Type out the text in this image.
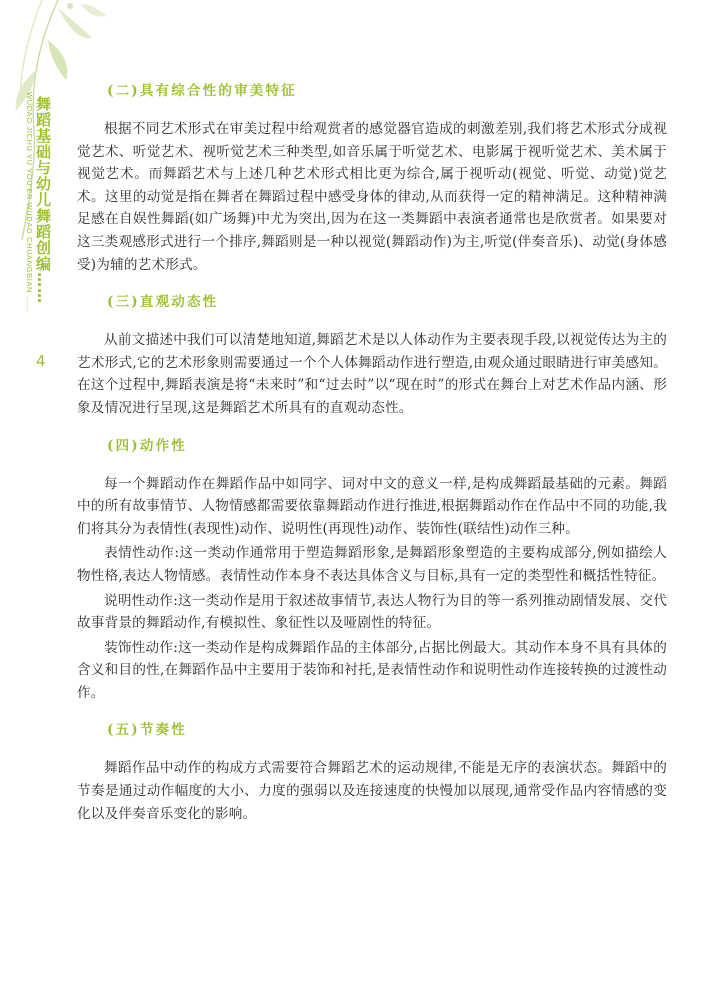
WUDAO JICHU YU YOU'ER WUDAO CHUANGBIAN …… 舞蹈基础与幼儿舞蹈创编……
4
(二)具有综合性的审美特征

根据不同艺术形式在审美过程中给观赏者的感觉器官造成的刺激差别,我们将艺术形式分成视觉艺术、听觉艺术、视听觉艺术三种类型,如音乐属于听觉艺术、电影属于视听觉艺术、美术属于视觉艺术。而舞蹈艺术与上述几种艺术形式相比更为综合,属于视听动(视觉、听觉、动觉)觉艺术。这里的动觉是指在舞者在舞蹈过程中感受身体的律动,从而获得一定的精神满足。这种精神满足感在自娱性舞蹈(如广场舞)中尤为突出,因为在这一类舞蹈中表演者通常也是欣赏者。如果要对这三类观感形式进行一个排序,舞蹈则是一种以视觉(舞蹈动作)为主,听觉(伴奏音乐)、动觉(身体感受)为辅的艺术形式。

(三)直观动态性

从前文描述中我们可以清楚地知道,舞蹈艺术是以人体动作为主要表现手段,以视觉传达为主的艺术形式,它的艺术形象则需要通过一个个人体舞蹈动作进行塑造,由观众通过眼睛进行审美感知。在这个过程中,舞蹈表演是将“未来时”和“过去时”以“现在时”的形式在舞台上对艺术作品内涵、形象及情况进行呈现,这是舞蹈艺术所具有的直观动态性。

(四)动作性

每一个舞蹈动作在舞蹈作品中如同字、词对中文的意义一样,是构成舞蹈最基础的元素。舞蹈中的所有故事情节、人物情感都需要依靠舞蹈动作进行推进,根据舞蹈动作在作品中不同的功能,我们将其分为表情性(表现性)动作、说明性(再现性)动作、装饰性(联结性)动作三种。

表情性动作:这一类动作通常用于塑造舞蹈形象,是舞蹈形象塑造的主要构成部分,例如描绘人物性格,表达人物情感。表情性动作本身不表达具体含义与目标,具有一定的类型性和概括性特征。

说明性动作:这一类动作是用于叙述故事情节,表达人物行为目的等一系列推动剧情发展、交代故事背景的舞蹈动作,有模拟性、象征性以及哑剧性的特征。

装饰性动作:这一类动作是构成舞蹈作品的主体部分,占据比例最大。其动作本身不具有具体的含义和目的性,在舞蹈作品中主要用于装饰和衬托,是表情性动作和说明性动作连接转换的过渡性动作。

(五)节奏性

舞蹈作品中动作的构成方式需要符合舞蹈艺术的运动规律,不能是无序的表演状态。舞蹈中的节奏是通过动作幅度的大小、力度的强弱以及连接速度的快慢加以展现,通常受作品内容情感的变化以及伴奏音乐变化的影响。
